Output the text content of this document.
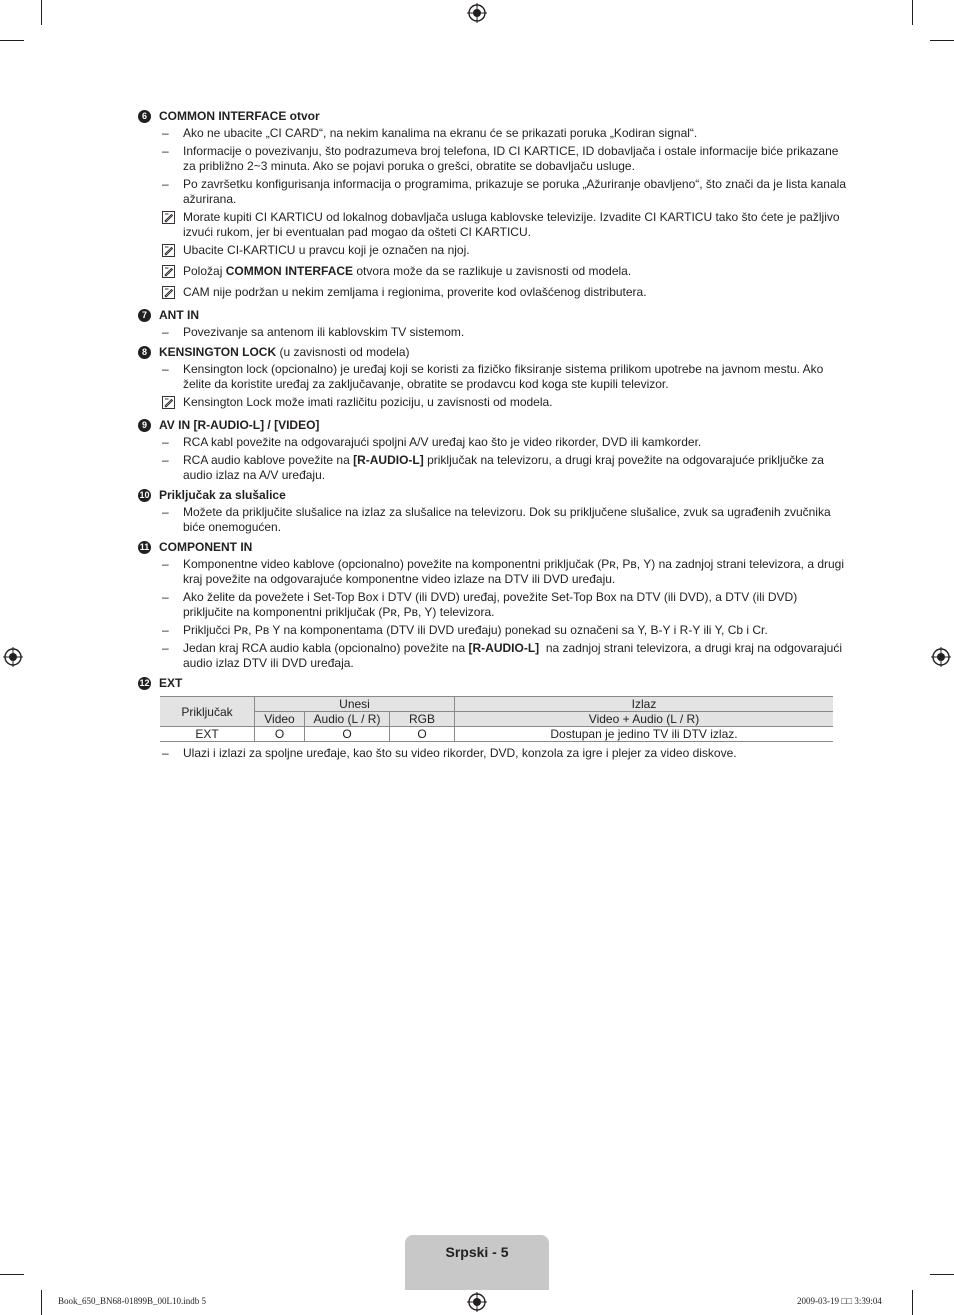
6	COMMON INTERFACE otvor
–
Ako ne ubacite „CI CARD“, na nekim kanalima na ekranu će se prikazati poruka „Kodiran signal“.
–
Informacije o povezivanju, što podrazumeva broj telefona, ID CI KARTICE, ID dobavljača i ostale informacije biće prikazane za približno 2~3 minuta. Ako se pojavi poruka o grešci, obratite se dobavljaču usluge.
–
Po završetku konfigurisanja informacija o programima, prikazuje se poruka „Ažuriranje obavljeno“, što znači da je lista kanala ažurirana.
Morate kupiti CI KARTICU od lokalnog dobavljača usluga kablovske televizije. Izvadite CI KARTICU tako što ćete je pažljivo izvući rukom, jer bi eventualan pad mogao da ošteti CI KARTICU.
Ubacite CI-KARTICU u pravcu koji je označen na njoj.
Položaj COMMON INTERFACE otvora može da se razlikuje u zavisnosti od modela.
CAM nije podržan u nekim zemljama i regionima, proverite kod ovlašćenog distributera.
7	ANT IN
–
Povezivanje sa antenom ili kablovskim TV sistemom.
8	KENSINGTON LOCK (u zavisnosti od modela)
–
Kensington lock (opcionalno) je uređaj koji se koristi za fizičko fiksiranje sistema prilikom upotrebe na javnom mestu. Ako želite da koristite uređaj za zaključavanje, obratite se prodavcu kod koga ste kupili televizor.
Kensington Lock može imati različitu poziciju, u zavisnosti od modela.
9	AV IN [R-AUDIO-L] / [VIDEO]
–
RCA kabl povežite na odgovarajući spoljni A/V uređaj kao što je video rikorder, DVD ili kamkorder.
–
RCA audio kablove povežite na [R-AUDIO-L] priključak na televizoru, a drugi kraj povežite na odgovarajuće priključke za audio izlaz na A/V uređaju.
10 Priključak za slušalice
–
Možete da priključite slušalice na izlaz za slušalice na televizoru. Dok su priključene slušalice, zvuk sa ugrađenih zvučnika biće onemogućen.
11 COMPONENT IN
–
Komponentne video kablove (opcionalno) povežite na komponentni priključak (Pʀ, Pʙ, Y) na zadnjoj strani televizora, a drugi kraj povežite na odgovarajuće komponentne video izlaze na DTV ili DVD uređaju.
–
Ako želite da povežete i Set-Top Box i DTV (ili DVD) uređaj, povežite Set-Top Box na DTV (ili DVD), a DTV (ili DVD) priključite na komponentni priključak (Pʀ, Pʙ, Y) televizora.
–
Priključci Pʀ, Pʙ Y na komponentama (DTV ili DVD uređaju) ponekad su označeni sa Y, B-Y i R-Y ili Y, Cb i Cr.
–
Jedan kraj RCA audio kabla (opcionalno) povežite na [R-AUDIO-L]  na zadnjoj strani televizora, a drugi kraj na odgovarajući audio izlaz DTV ili DVD uređaja.
12 EXT
Priključak	Unesi			Izlaz
	Video	Audio (L / R)	RGB	Video + Audio (L / R)
EXT	O	O	O	Dostupan je jedino TV ili DTV izlaz.
–
Ulazi i izlazi za spoljne uređaje, kao što su video rikorder, DVD, konzola za igre i plejer za video diskove.
Srpski - 5
Book_650_BN68-01899B_00L10.indb 5	2009-03-19 □□ 3:39:04
